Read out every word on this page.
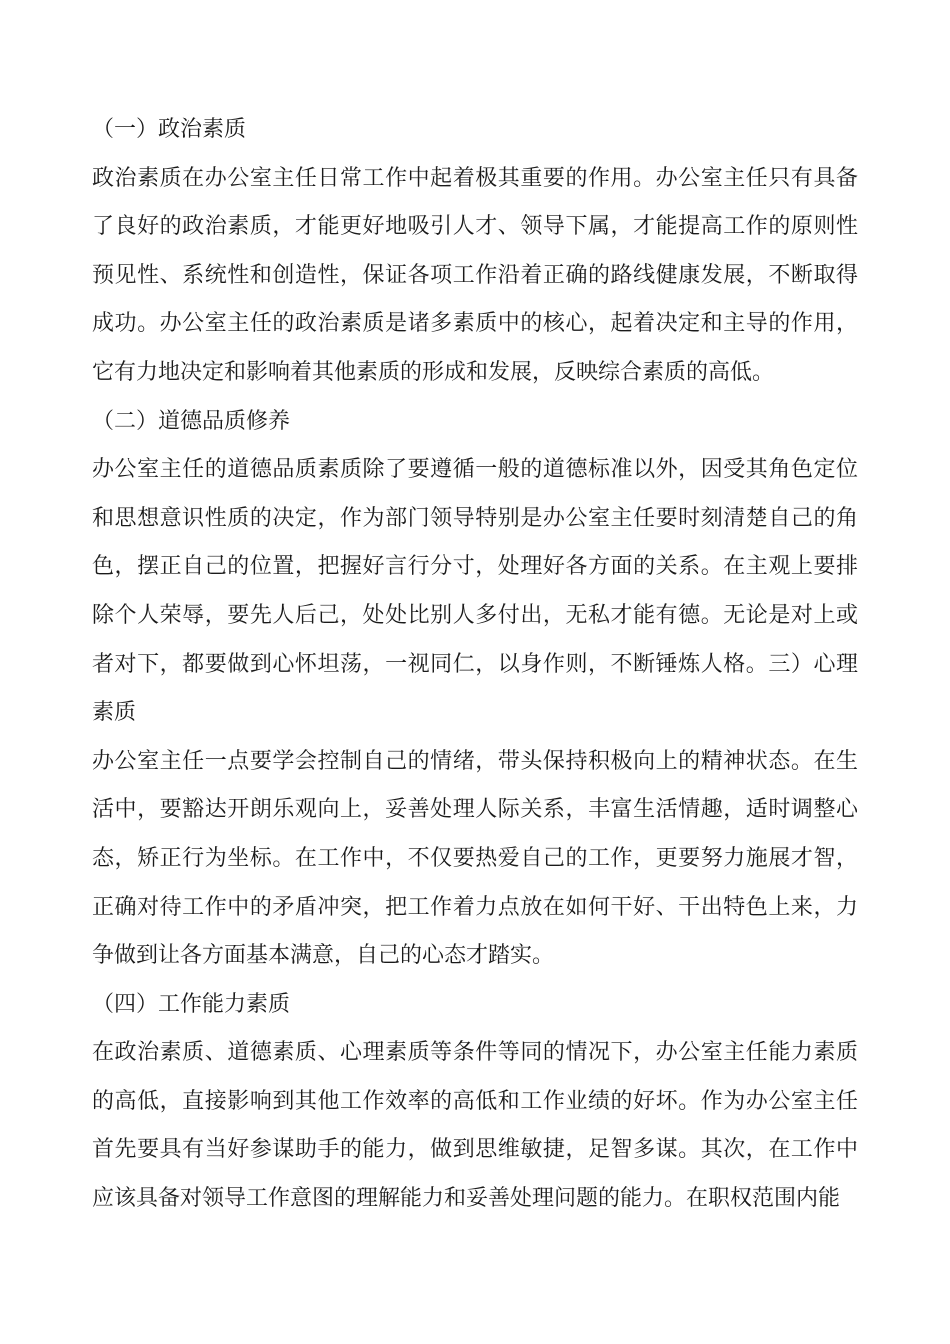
（一）政治素质

政治素质在办公室主任日常工作中起着极其重要的作用。办公室主任只有具备了良好的政治素质，才能更好地吸引人才、领导下属，才能提高工作的原则性预见性、系统性和创造性，保证各项工作沿着正确的路线健康发展，不断取得成功。办公室主任的政治素质是诸多素质中的核心，起着决定和主导的作用，它有力地决定和影响着其他素质的形成和发展，反映综合素质的高低。

（二）道德品质修养

办公室主任的道德品质素质除了要遵循一般的道德标准以外，因受其角色定位和思想意识性质的决定，作为部门领导特别是办公室主任要时刻清楚自己的角色，摆正自己的位置，把握好言行分寸，处理好各方面的关系。在主观上要排除个人荣辱，要先人后己，处处比别人多付出，无私才能有德。无论是对上或者对下，都要做到心怀坦荡，一视同仁，以身作则，不断锤炼人格。三）心理素质

办公室主任一点要学会控制自己的情绪，带头保持积极向上的精神状态。在生活中，要豁达开朗乐观向上，妥善处理人际关系，丰富生活情趣，适时调整心态，矫正行为坐标。在工作中，不仅要热爱自己的工作，更要努力施展才智，正确对待工作中的矛盾冲突，把工作着力点放在如何干好、干出特色上来，力争做到让各方面基本满意，自己的心态才踏实。

（四）工作能力素质

在政治素质、道德素质、心理素质等条件等同的情况下，办公室主任能力素质的高低，直接影响到其他工作效率的高低和工作业绩的好坏。作为办公室主任首先要具有当好参谋助手的能力，做到思维敏捷，足智多谋。其次，在工作中应该具备对领导工作意图的理解能力和妥善处理问题的能力。在职权范围内能
